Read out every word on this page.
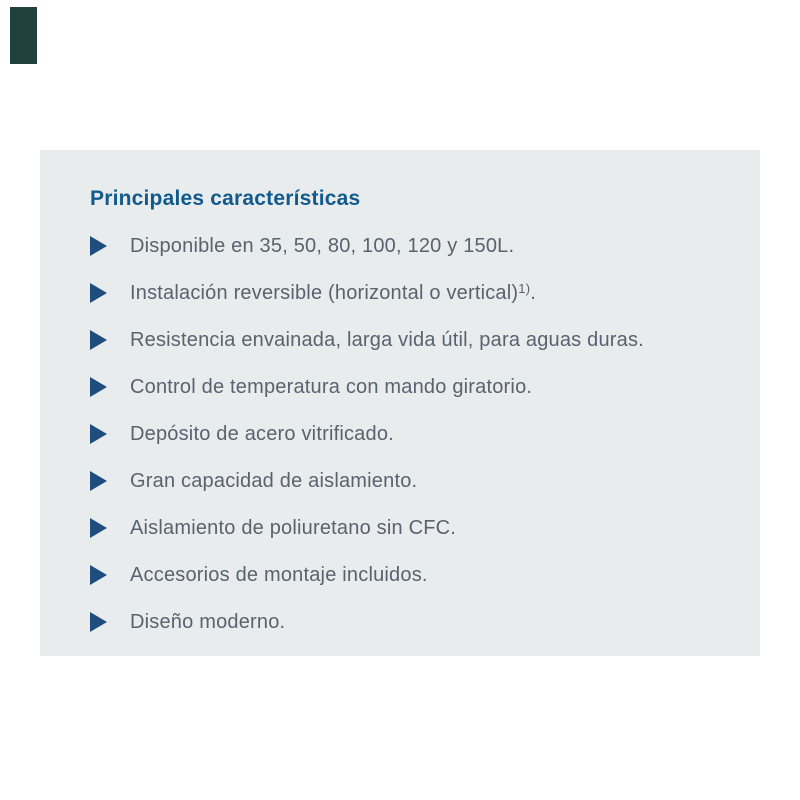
Principales características
Disponible en 35, 50, 80, 100, 120 y 150L.
Instalación reversible (horizontal o vertical)$^{1)}$.
Resistencia envainada, larga vida útil, para aguas duras.
Control de temperatura con mando giratorio.
Depósito de acero vitrificado.
Gran capacidad de aislamiento.
Aislamiento de poliuretano sin CFC.
Accesorios de montaje incluidos.
Diseño moderno.
